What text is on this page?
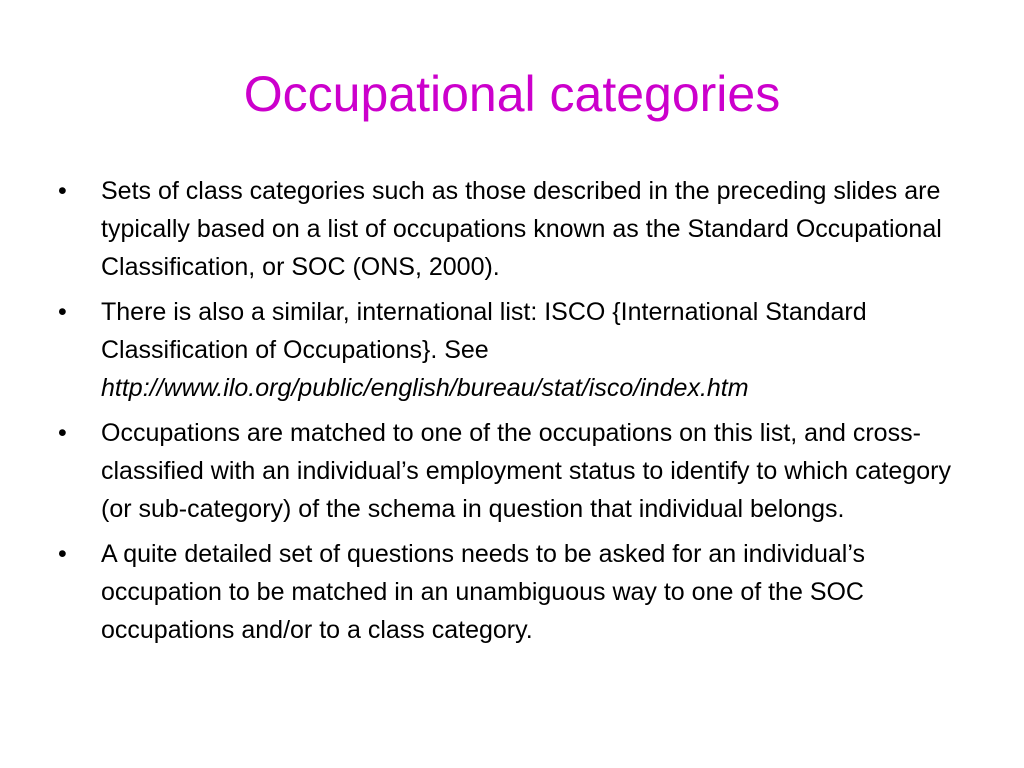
Occupational categories
• Sets of class categories such as those described in the preceding slides are typically based on a list of occupations known as the Standard Occupational Classification, or SOC (ONS, 2000).
• There is also a similar, international list: ISCO {International Standard Classification of Occupations}. See
http://www.ilo.org/public/english/bureau/stat/isco/index.htm
• Occupations are matched to one of the occupations on this list, and cross-classified with an individual’s employment status to identify to which category (or sub-category) of the schema in question that individual belongs.
• A quite detailed set of questions needs to be asked for an individual’s occupation to be matched in an unambiguous way to one of the SOC occupations and/or to a class category.
